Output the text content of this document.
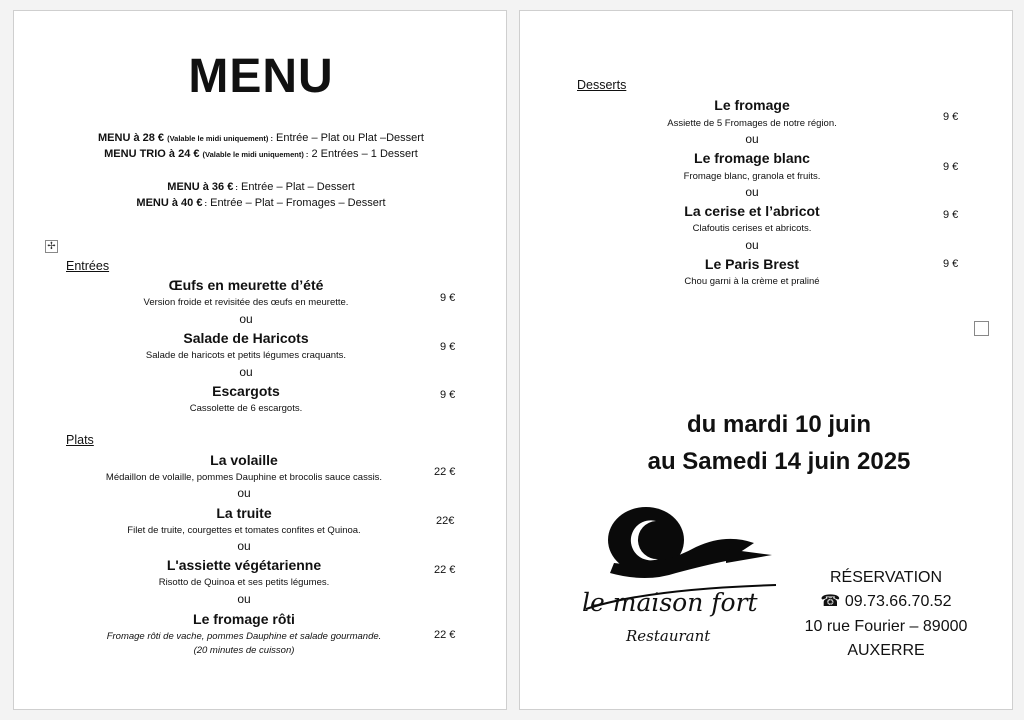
MENU
MENU à 28 € (Valable le midi uniquement) : Entrée – Plat ou Plat –Dessert
MENU TRIO à 24 € (Valable le midi uniquement) : 2 Entrées – 1 Dessert
MENU à 36 € : Entrée – Plat – Dessert
MENU à 40 € : Entrée – Plat – Fromages – Dessert
✢
Entrées
Œufs en meurette d’été
Version froide et revisitée des œufs en meurette.	9 €
ou
Salade de Haricots
Salade de haricots et petits légumes craquants.
9 €
ou
Escargots
Cassolette de 6 escargots.
9 €
Plats
La volaille
Médaillon de volaille, pommes Dauphine et brocolis sauce cassis.	22 €
ou
La truite
Filet de truite, courgettes et tomates confites et Quinoa.
22€
ou
L'assiette végétarienne
Risotto de Quinoa et ses petits légumes.
22 €
ou
Le fromage rôti
Fromage rôti de vache, pommes Dauphine et salade gourmande.
(20 minutes de cuisson)
22 €
Desserts
Le fromage
Assiette de 5 Fromages de notre région.
9 €
ou
Le fromage blanc
Fromage blanc, granola et fruits.
9 €
ou
La cerise et l’abricot
Clafoutis cerises et abricots.
9 €
ou
Le Paris Brest
Chou garni à la crème et praliné
9 €
du mardi 10 juin
au Samedi 14 juin 2025
le maison fort
Restaurant
RÉSERVATION
☎ 09.73.66.70.52
10 rue Fourier – 89000
AUXERRE
